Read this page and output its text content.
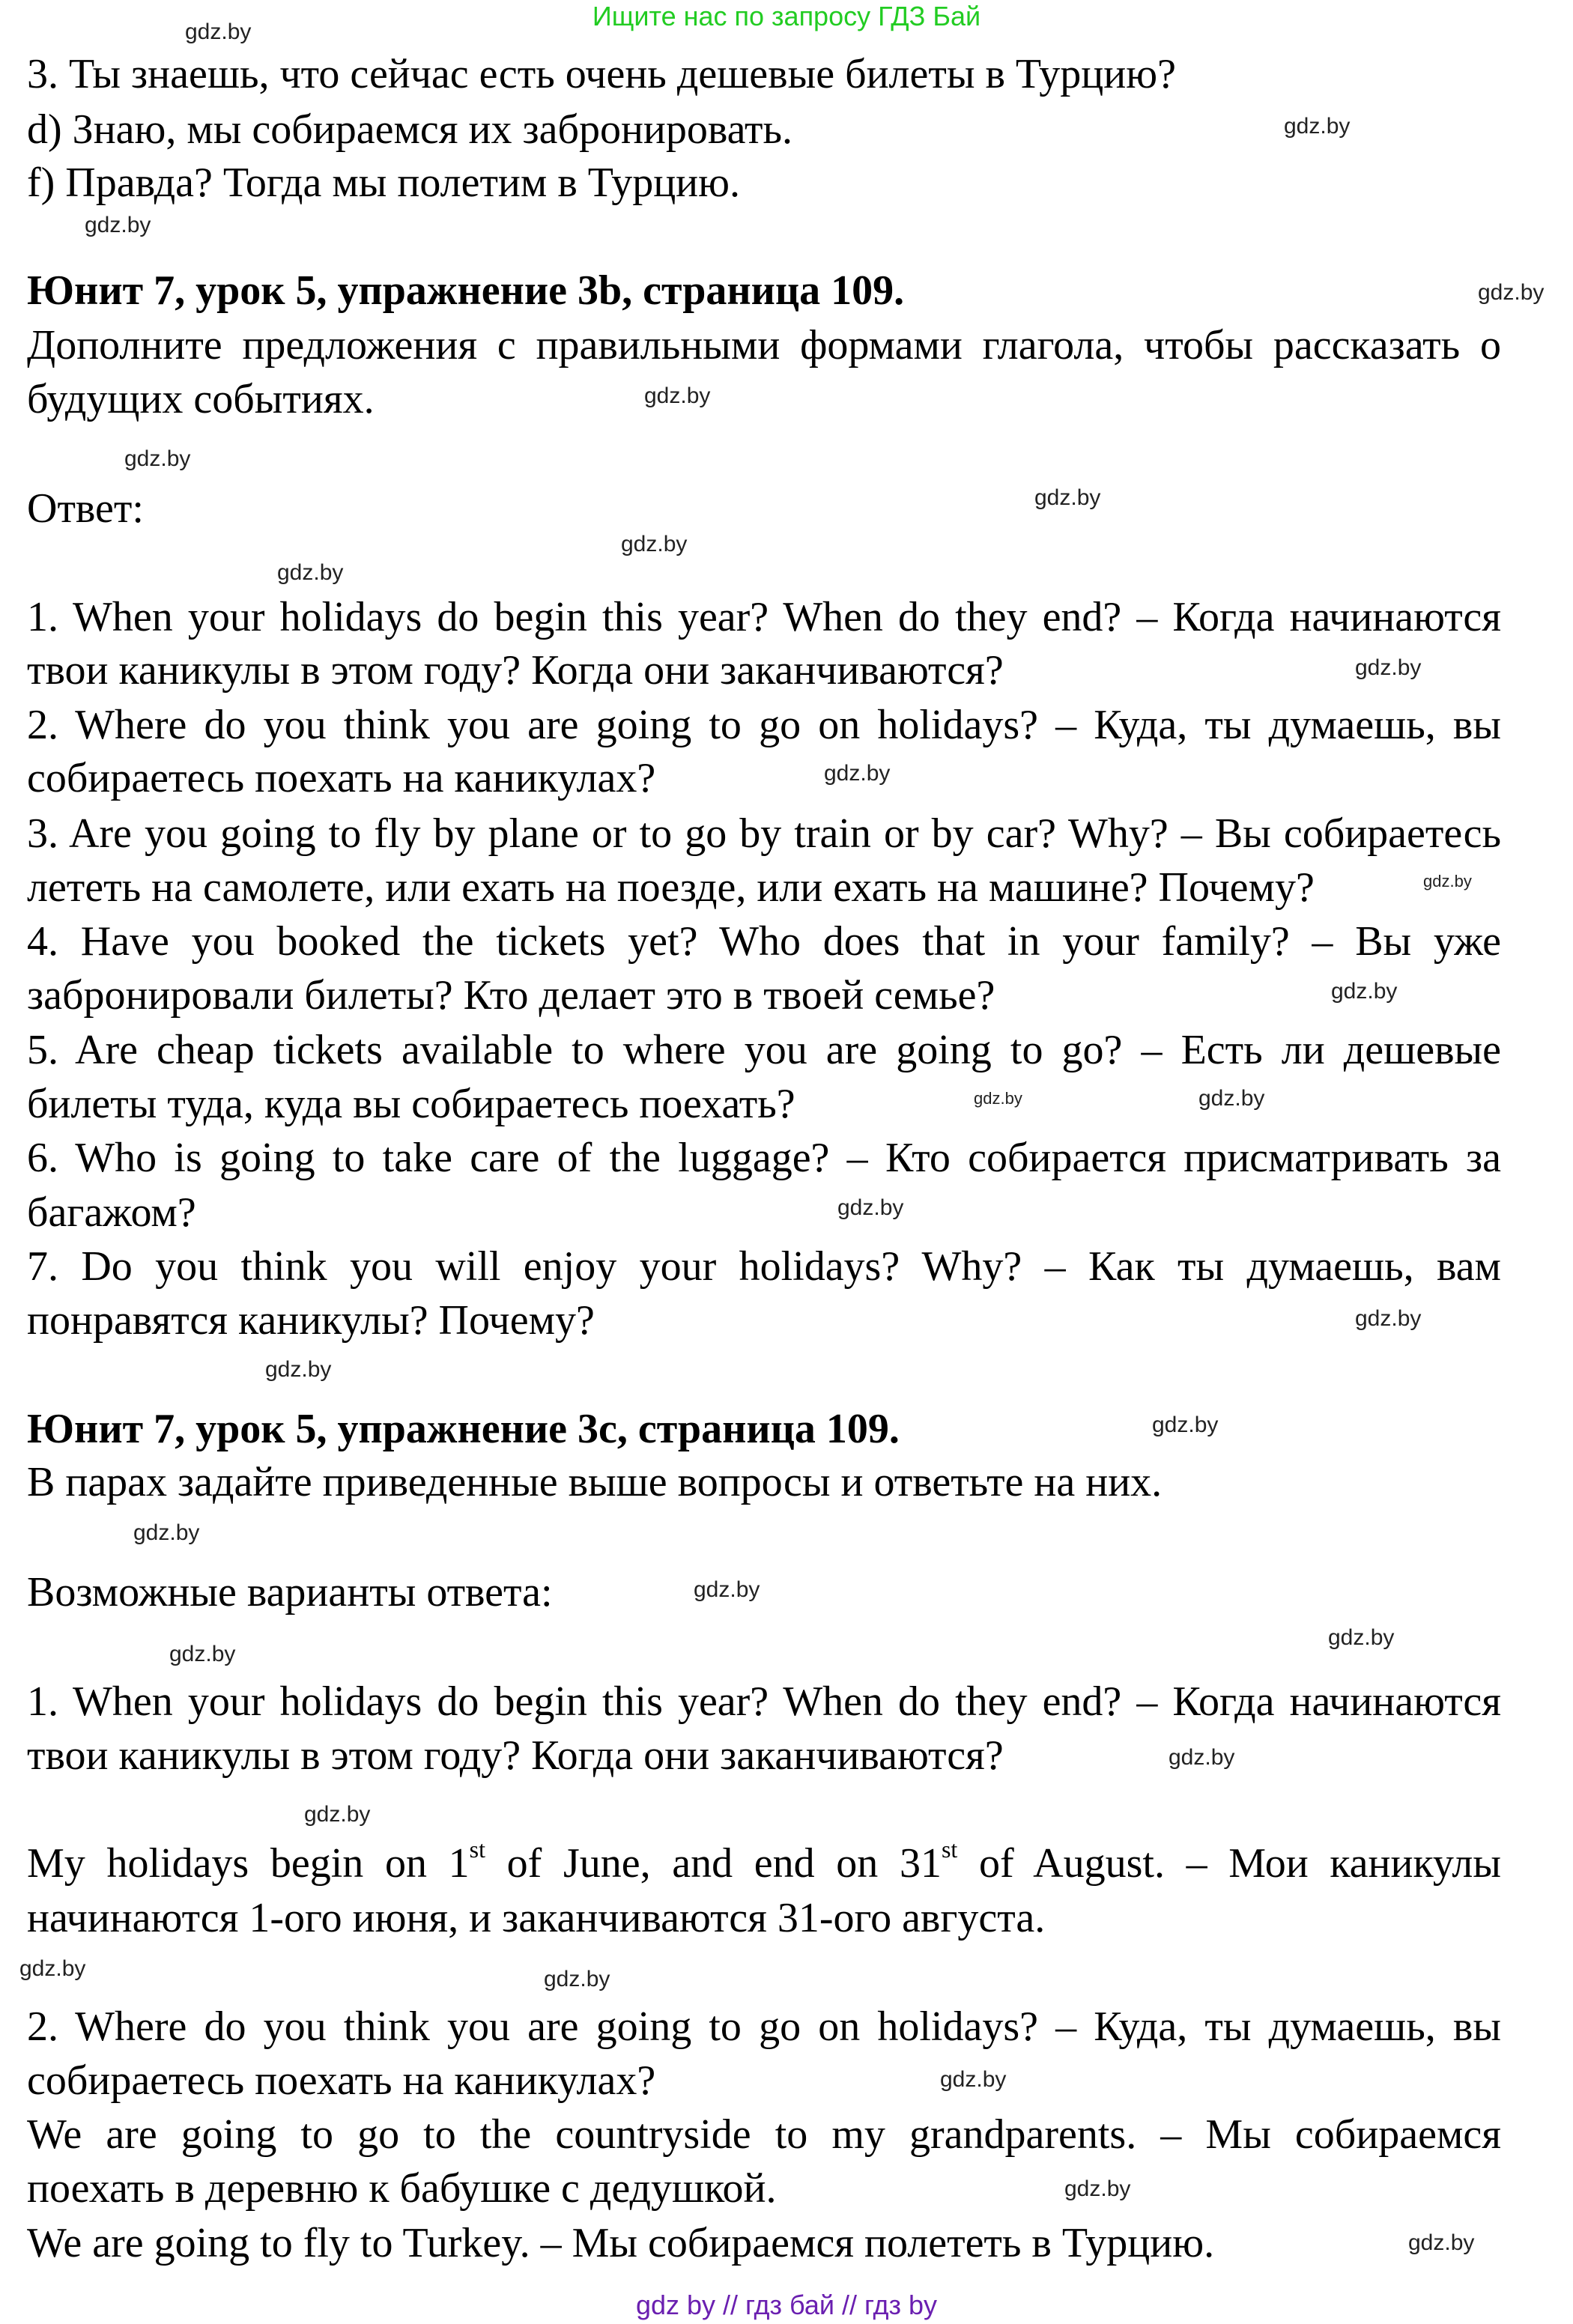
Ищите нас по запросу ГДЗ Бай
3. Ты знаешь, что сейчас есть очень дешевые билеты в Турцию?
d) Знаю, мы собираемся их забронировать.
f) Правда? Тогда мы полетим в Турцию.
Юнит 7, урок 5, упражнение 3b, страница 109.
Дополните предложения с правильными формами глагола, чтобы рассказать о
будущих событиях.
Ответ:
1. When your holidays do begin this year? When do they end? – Когда начинаются
твои каникулы в этом году? Когда они заканчиваются?
2. Where do you think you are going to go on holidays? – Куда, ты думаешь, вы
собираетесь поехать на каникулах?
3. Are you going to fly by plane or to go by train or by car? Why? – Вы собираетесь
лететь на самолете, или ехать на поезде, или ехать на машине? Почему?
4. Have you booked the tickets yet? Who does that in your family? – Вы уже
забронировали билеты? Кто делает это в твоей семье?
5. Are cheap tickets available to where you are going to go? – Есть ли дешевые
билеты туда, куда вы собираетесь поехать?
6. Who is going to take care of the luggage? – Кто собирается присматривать за
багажом?
7. Do you think you will enjoy your holidays? Why? – Как ты думаешь, вам
понравятся каникулы? Почему?
Юнит 7, урок 5, упражнение 3c, страница 109.
В парах задайте приведенные выше вопросы и ответьте на них.
Возможные варианты ответа:
1. When your holidays do begin this year? When do they end? – Когда начинаются
твои каникулы в этом году? Когда они заканчиваются?
My holidays begin on 1st of June, and end on 31st of August. – Мои каникулы
начинаются 1-ого июня, и заканчиваются 31-ого августа.
2. Where do you think you are going to go on holidays? – Куда, ты думаешь, вы
собираетесь поехать на каникулах?
We are going to go to the countryside to my grandparents. – Мы собираемся
поехать в деревню к бабушке с дедушкой.
We are going to fly to Turkey. – Мы собираемся полететь в Турцию.
gdz.by
gdz.by
gdz.by
gdz.by
gdz.by
gdz.by
gdz.by
gdz.by
gdz.by
gdz.by
gdz.by
gdz.by
gdz.by
gdz.by	gdz.by
gdz.by
gdz.by
gdz.by
gdz.by
gdz.by
gdz.by
gdz.by
gdz.by
gdz.by
gdz.by
gdz.by	gdz.by
gdz.by
gdz.by
gdz.by
gdz by // гдз бай // гдз by
